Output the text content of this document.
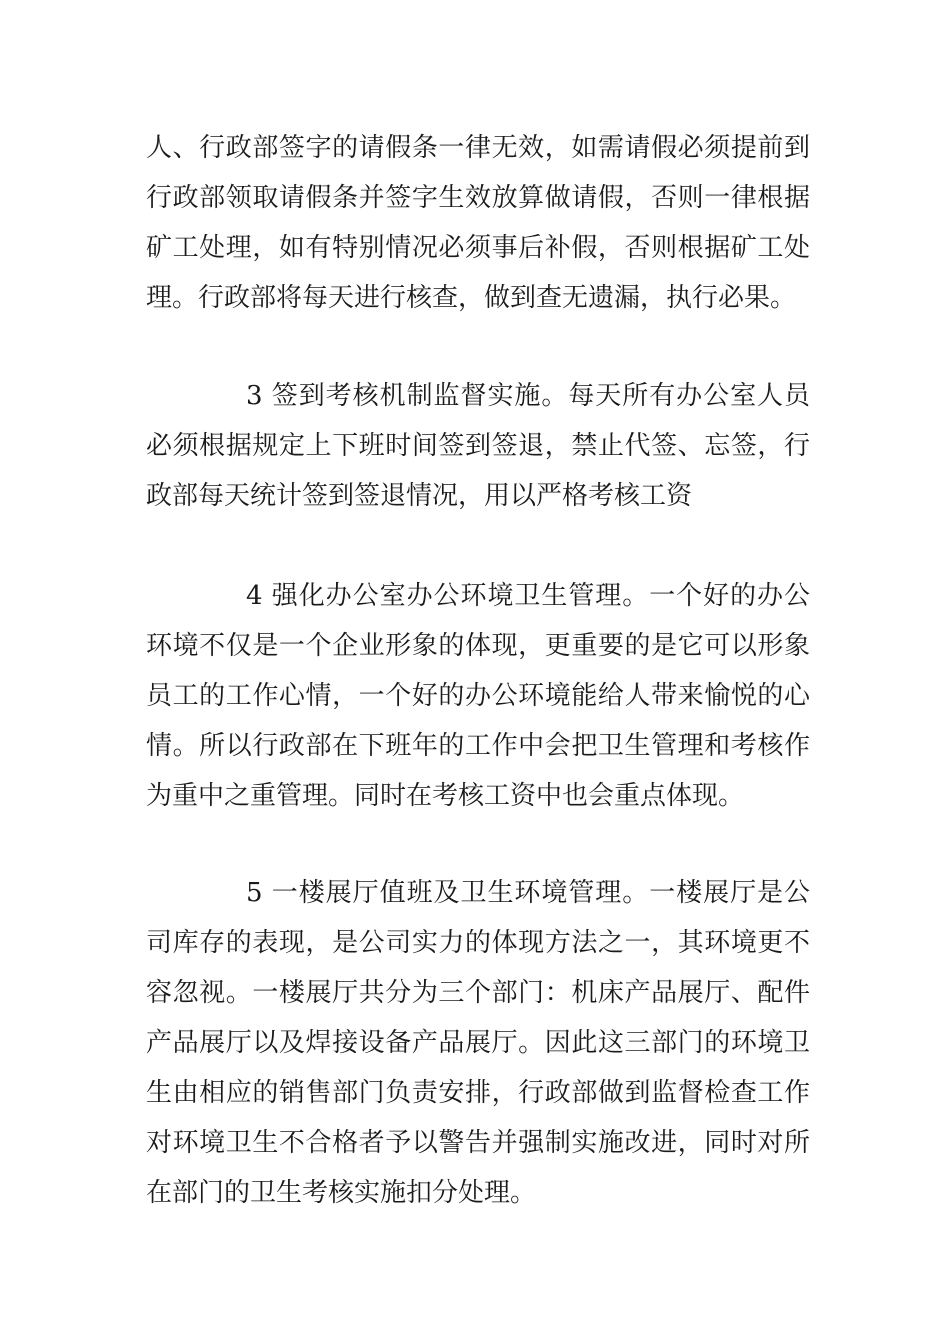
人、行政部签字的请假条一律无效，如需请假必须提前到行政部领取请假条并签字生效放算做请假，否则一律根据矿工处理，如有特别情况必须事后补假，否则根据矿工处理。行政部将每天进行核查，做到查无遗漏，执行必果。

3 签到考核机制监督实施。每天所有办公室人员必须根据规定上下班时间签到签退，禁止代签、忘签，行政部每天统计签到签退情况，用以严格考核工资

4 强化办公室办公环境卫生管理。一个好的办公环境不仅是一个企业形象的体现，更重要的是它可以形象员工的工作心情，一个好的办公环境能给人带来愉悦的心情。所以行政部在下班年的工作中会把卫生管理和考核作为重中之重管理。同时在考核工资中也会重点体现。

5 一楼展厅值班及卫生环境管理。一楼展厅是公司库存的表现，是公司实力的体现方法之一，其环境更不容忽视。一楼展厅共分为三个部门：机床产品展厅、配件产品展厅以及焊接设备产品展厅。因此这三部门的环境卫生由相应的销售部门负责安排，行政部做到监督检查工作对环境卫生不合格者予以警告并强制实施改进，同时对所在部门的卫生考核实施扣分处理。
